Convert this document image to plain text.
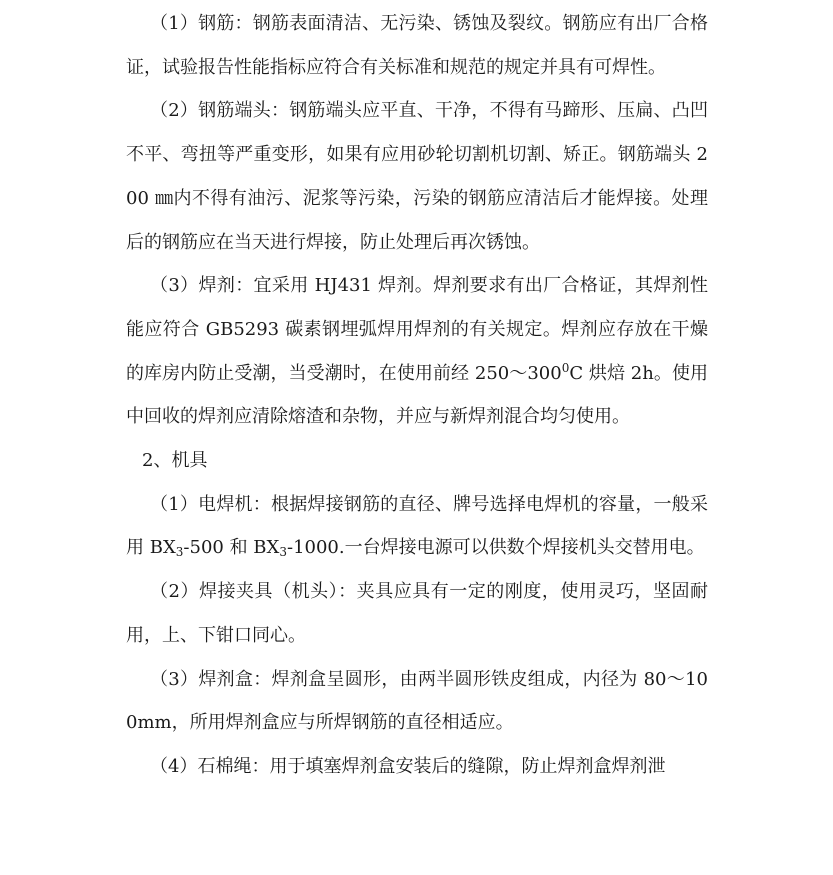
（1）钢筋：钢筋表面清洁、无污染、锈蚀及裂纹。钢筋应有出厂合格证，试验报告性能指标应符合有关标准和规范的规定并具有可焊性。

（2）钢筋端头：钢筋端头应平直、干净，不得有马蹄形、压扁、凸凹不平、弯扭等严重变形，如果有应用砂轮切割机切割、矫正。钢筋端头 200 ㎜内不得有油污、泥浆等污染，污染的钢筋应清洁后才能焊接。处理后的钢筋应在当天进行焊接，防止处理后再次锈蚀。

（3）焊剂：宜采用 HJ431 焊剂。焊剂要求有出厂合格证，其焊剂性能应符合 GB5293 碳素钢埋弧焊用焊剂的有关规定。焊剂应存放在干燥的库房内防止受潮，当受潮时，在使用前经 $250\sim 300^0C$ 烘焙 2h。使用中回收的焊剂应清除熔渣和杂物，并应与新焊剂混合均匀使用。

2、机具

（1）电焊机：根据焊接钢筋的直径、牌号选择电焊机的容量，一般采用 $BX_3-500$ 和 $BX_3-1000$.一台焊接电源可以供数个焊接机头交替用电。

（2）焊接夹具（机头）：夹具应具有一定的刚度，使用灵巧，坚固耐用，上、下钳口同心。

（3）焊剂盒：焊剂盒呈圆形，由两半圆形铁皮组成，内径为 80～100mm，所用焊剂盒应与所焊钢筋的直径相适应。

（4）石棉绳：用于填塞焊剂盒安装后的缝隙，防止焊剂盒焊剂泄
